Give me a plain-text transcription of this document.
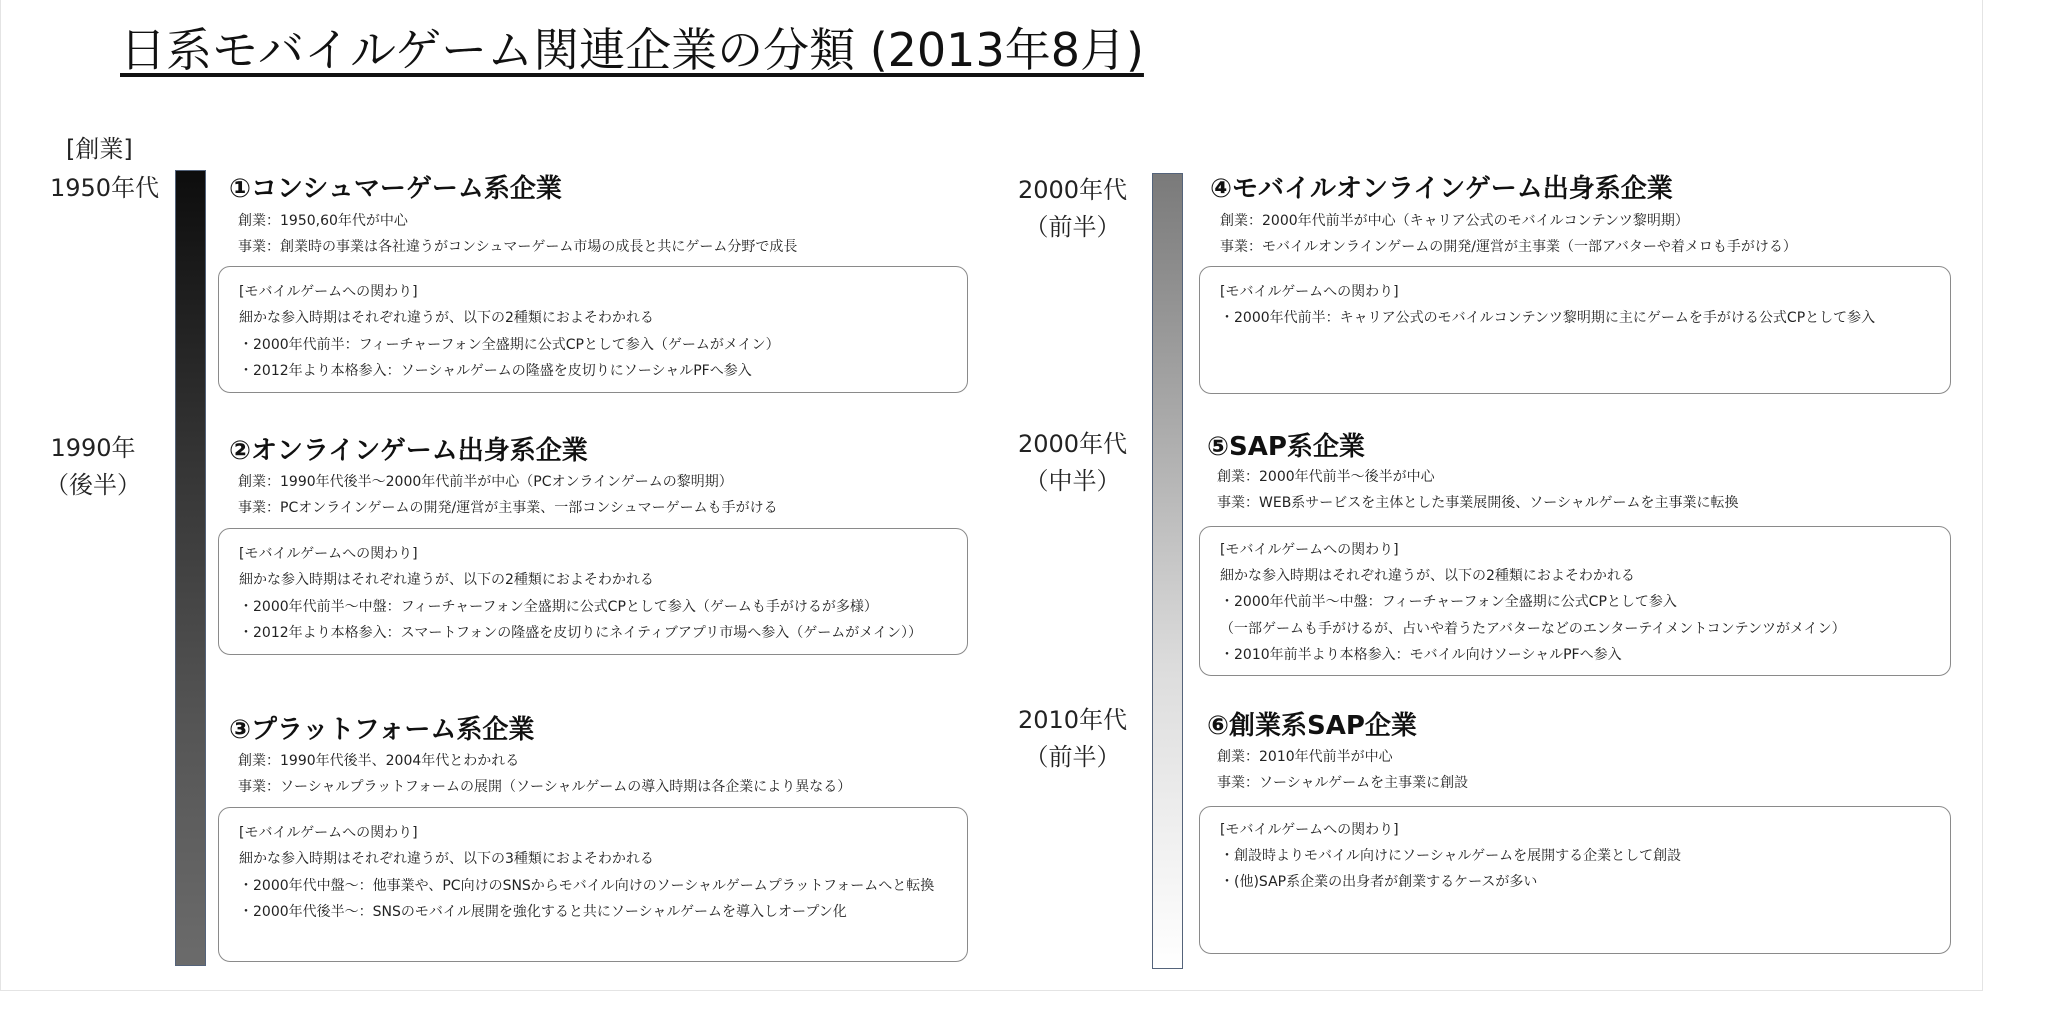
日系モバイルゲーム関連企業の分類 (2013年8月)
[創業]
1950年代
1990年
（後半）
2000年代
（前半）
2000年代
（中半）
2010年代
（前半）
①コンシュマーゲーム系企業
創業：1950,60年代が中心
事業：創業時の事業は各社違うがコンシュマーゲーム市場の成長と共にゲーム分野で成長
[モバイルゲームへの関わり]
細かな参入時期はそれぞれ違うが、以下の2種類におよそわかれる
・2000年代前半：フィーチャーフォン全盛期に公式CPとして参入（ゲームがメイン）
・2012年より本格参入：ソーシャルゲームの隆盛を皮切りにソーシャルPFへ参入
②オンラインゲーム出身系企業
創業：1990年代後半～2000年代前半が中心（PCオンラインゲームの黎明期）
事業：PCオンラインゲームの開発/運営が主事業、一部コンシュマーゲームも手がける
[モバイルゲームへの関わり]
細かな参入時期はそれぞれ違うが、以下の2種類におよそわかれる
・2000年代前半～中盤：フィーチャーフォン全盛期に公式CPとして参入（ゲームも手がけるが多様）
・2012年より本格参入：スマートフォンの隆盛を皮切りにネイティブアプリ市場へ参入（ゲームがメイン））
③プラットフォーム系企業
創業：1990年代後半、2004年代とわかれる
事業：ソーシャルプラットフォームの展開（ソーシャルゲームの導入時期は各企業により異なる）
[モバイルゲームへの関わり]
細かな参入時期はそれぞれ違うが、以下の3種類におよそわかれる
・2000年代中盤～：他事業や、PC向けのSNSからモバイル向けのソーシャルゲームプラットフォームへと転換
・2000年代後半～：SNSのモバイル展開を強化すると共にソーシャルゲームを導入しオープン化
④モバイルオンラインゲーム出身系企業
創業：2000年代前半が中心（キャリア公式のモバイルコンテンツ黎明期）
事業：モバイルオンラインゲームの開発/運営が主事業（一部アバターや着メロも手がける）
[モバイルゲームへの関わり]
・2000年代前半：キャリア公式のモバイルコンテンツ黎明期に主にゲームを手がける公式CPとして参入
⑤SAP系企業
創業：2000年代前半～後半が中心
事業：WEB系サービスを主体とした事業展開後、ソーシャルゲームを主事業に転換
[モバイルゲームへの関わり]
細かな参入時期はそれぞれ違うが、以下の2種類におよそわかれる
・2000年代前半～中盤：フィーチャーフォン全盛期に公式CPとして参入
（一部ゲームも手がけるが、占いや着うたアバターなどのエンターテイメントコンテンツがメイン）
・2010年前半より本格参入：モバイル向けソーシャルPFへ参入
⑥創業系SAP企業
創業：2010年代前半が中心
事業：ソーシャルゲームを主事業に創設
[モバイルゲームへの関わり]
・創設時よりモバイル向けにソーシャルゲームを展開する企業として創設
・(他)SAP系企業の出身者が創業するケースが多い
